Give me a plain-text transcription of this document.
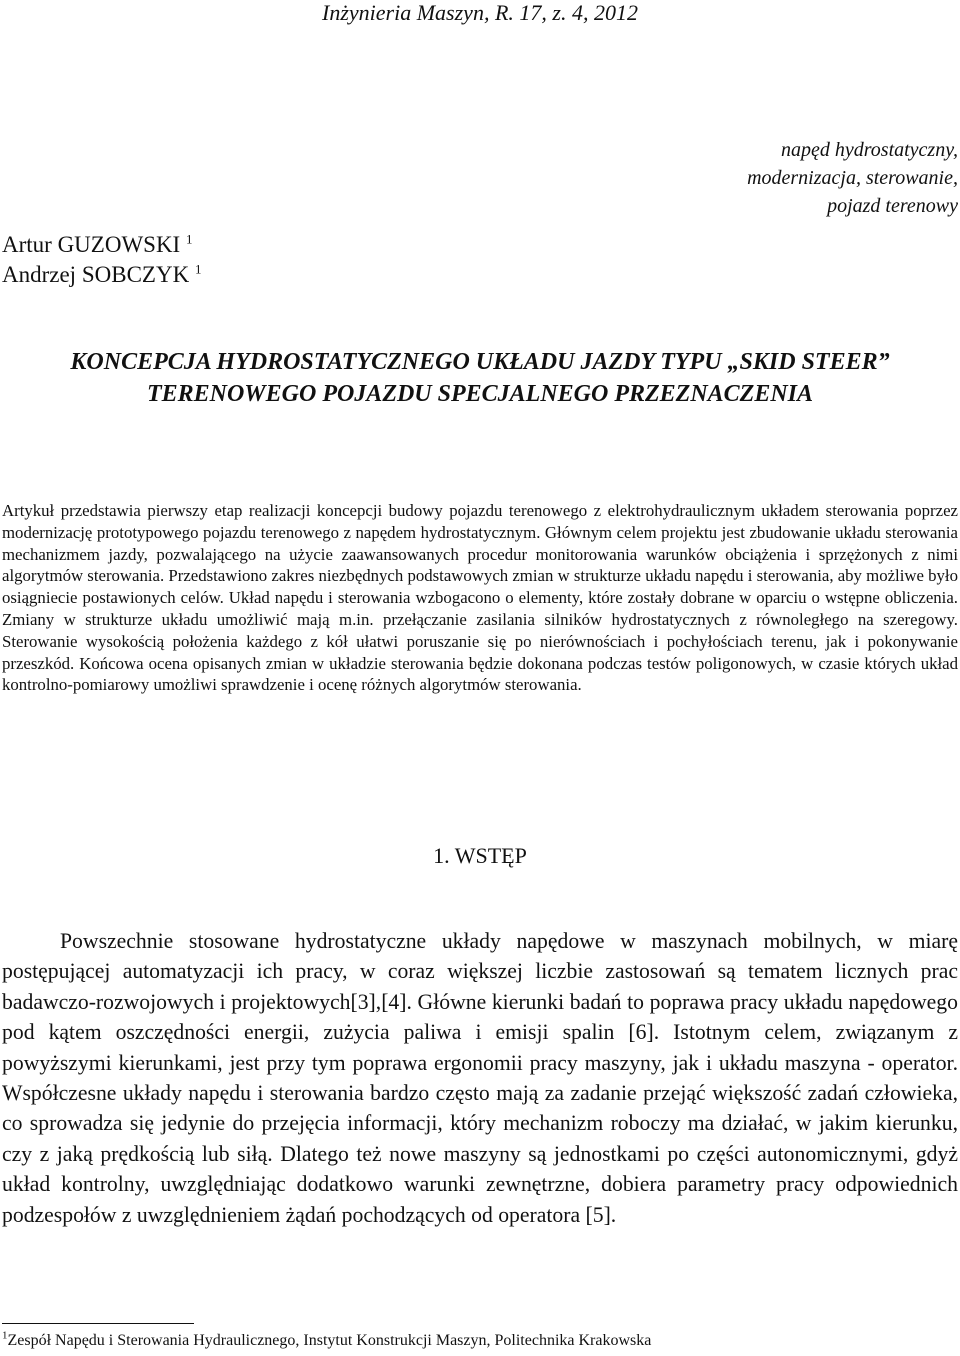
Inżynieria Maszyn, R. 17, z. 4, 2012
napęd hydrostatyczny,
modernizacja, sterowanie,
pojazd terenowy
Artur GUZOWSKI $^1$
Andrzej SOBCZYK $^1$
KONCEPCJA HYDROSTATYCZNEGO UKŁADU JAZDY TYPU „SKID STEER”
TERENOWEGO POJAZDU SPECJALNEGO PRZEZNACZENIA

Artykuł przedstawia pierwszy etap realizacji koncepcji budowy pojazdu terenowego z elektrohydraulicznym układem sterowania poprzez modernizację prototypowego pojazdu terenowego z napędem hydrostatycznym. Głównym celem projektu jest zbudowanie układu sterowania mechanizmem jazdy, pozwalającego na użycie zaawansowanych procedur monitorowania warunków obciążenia i sprzężonych z nimi algorytmów sterowania. Przedstawiono zakres niezbędnych podstawowych zmian w strukturze układu napędu i sterowania, aby możliwe było osiągniecie postawionych celów. Układ napędu i sterowania wzbogacono o elementy, które zostały dobrane w oparciu o wstępne obliczenia. Zmiany w strukturze układu umożliwić mają m.in. przełączanie zasilania silników hydrostatycznych z równoległego na szeregowy. Sterowanie wysokością położenia każdego z kół ułatwi poruszanie się po nierównościach i pochyłościach terenu, jak i pokonywanie przeszkód. Końcowa ocena opisanych zmian w układzie sterowania będzie dokonana podczas testów poligonowych, w czasie których układ kontrolno-pomiarowy umożliwi sprawdzenie i ocenę różnych algorytmów sterowania.

1. WSTĘP

Powszechnie stosowane hydrostatyczne układy napędowe w maszynach mobilnych, w miarę postępującej automatyzacji ich pracy, w coraz większej liczbie zastosowań są tematem licznych prac badawczo-rozwojowych i projektowych[3],[4]. Główne kierunki badań to poprawa pracy układu napędowego pod kątem oszczędności energii, zużycia paliwa i emisji spalin [6]. Istotnym celem, związanym z powyższymi kierunkami, jest przy tym poprawa ergonomii pracy maszyny, jak i układu maszyna - operator. Współczesne układy napędu i sterowania bardzo często mają za zadanie przejąć większość zadań człowieka, co sprowadza się jedynie do przejęcia informacji, który mechanizm roboczy ma działać, w jakim kierunku, czy z jaką prędkością lub siłą. Dlatego też nowe maszyny są jednostkami po części autonomicznymi, gdyż układ kontrolny, uwzględniając dodatkowo warunki zewnętrzne, dobiera parametry pracy odpowiednich podzespołów z uwzględnieniem żądań pochodzących od operatora [5].

$^1$Zespół Napędu i Sterowania Hydraulicznego, Instytut Konstrukcji Maszyn, Politechnika Krakowska
